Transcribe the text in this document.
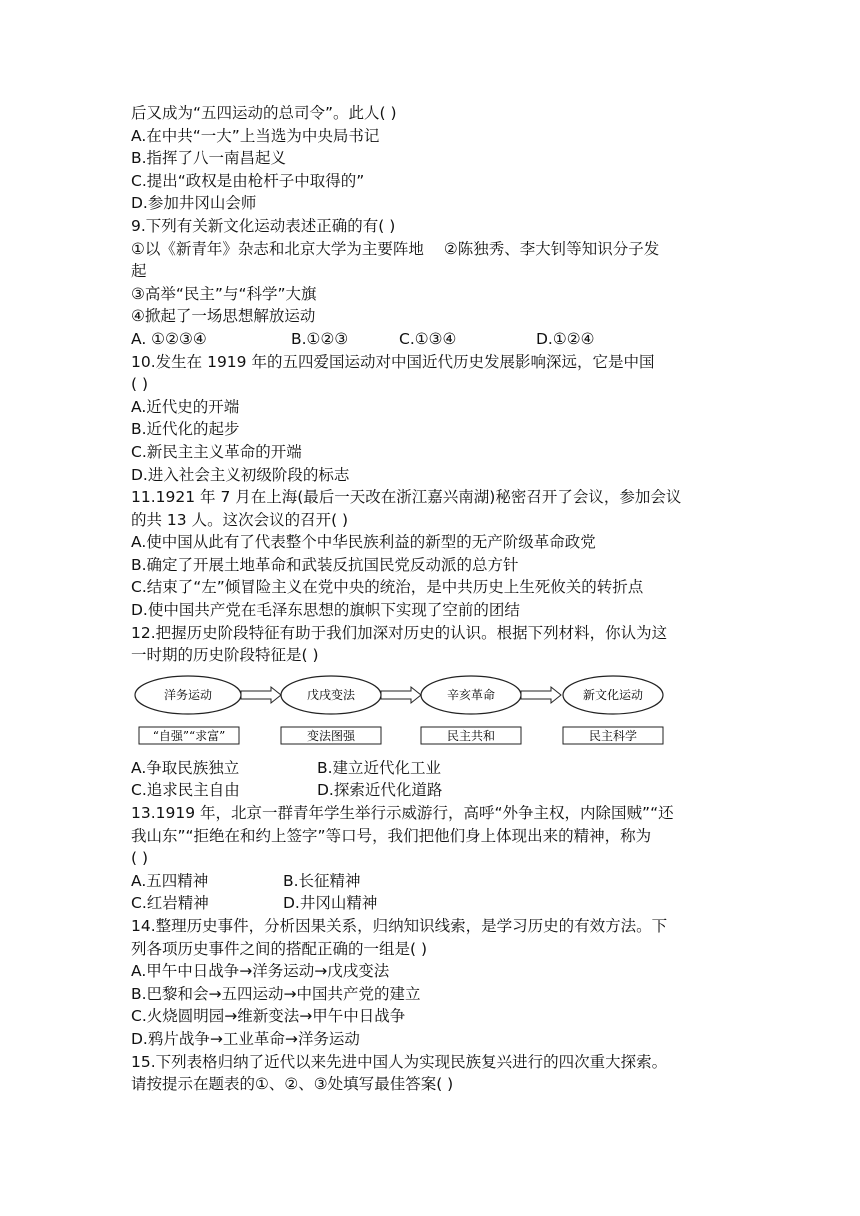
后又成为“五四运动的总司令”。此人( )
A.在中共“一大”上当选为中央局书记
B.指挥了八一南昌起义
C.提出“政权是由枪杆子中取得的”
D.参加井冈山会师
9.下列有关新文化运动表述正确的有( )
①以《新青年》杂志和北京大学为主要阵地 ②陈独秀、李大钊等知识分子发
起
③高举“民主”与“科学”大旗
④掀起了一场思想解放运动
A. ①②③④	B.①②③	C.①③④	D.①②④
10.发生在 1919 年的五四爱国运动对中国近代历史发展影响深远，它是中国
( )
A.近代史的开端
B.近代化的起步
C.新民主主义革命的开端
D.进入社会主义初级阶段的标志
11.1921 年 7 月在上海(最后一天改在浙江嘉兴南湖)秘密召开了会议，参加会议
的共 13 人。这次会议的召开( )
A.使中国从此有了代表整个中华民族利益的新型的无产阶级革命政党
B.确定了开展土地革命和武装反抗国民党反动派的总方针
C.结束了“左”倾冒险主义在党中央的统治，是中共历史上生死攸关的转折点
D.使中国共产党在毛泽东思想的旗帜下实现了空前的团结
12.把握历史阶段特征有助于我们加深对历史的认识。根据下列材料，你认为这
一时期的历史阶段特征是( )
洋务运动	戊戌变法	辛亥革命	新文化运动
“自强”“求富”	变法图强	民主共和	民主科学
A.争取民族独立	B.建立近代化工业
C.追求民主自由	D.探索近代化道路
13.1919 年，北京一群青年学生举行示威游行，高呼“外争主权，内除国贼”“还
我山东”“拒绝在和约上签字”等口号，我们把他们身上体现出来的精神，称为
( )
A.五四精神	B.长征精神
C.红岩精神	D.井冈山精神
14.整理历史事件，分析因果关系，归纳知识线索，是学习历史的有效方法。下
列各项历史事件之间的搭配正确的一组是( )
A.甲午中日战争→洋务运动→戊戌变法
B.巴黎和会→五四运动→中国共产党的建立
C.火烧圆明园→维新变法→甲午中日战争
D.鸦片战争→工业革命→洋务运动
15.下列表格归纳了近代以来先进中国人为实现民族复兴进行的四次重大探索。
请按提示在题表的①、②、③处填写最佳答案( )
